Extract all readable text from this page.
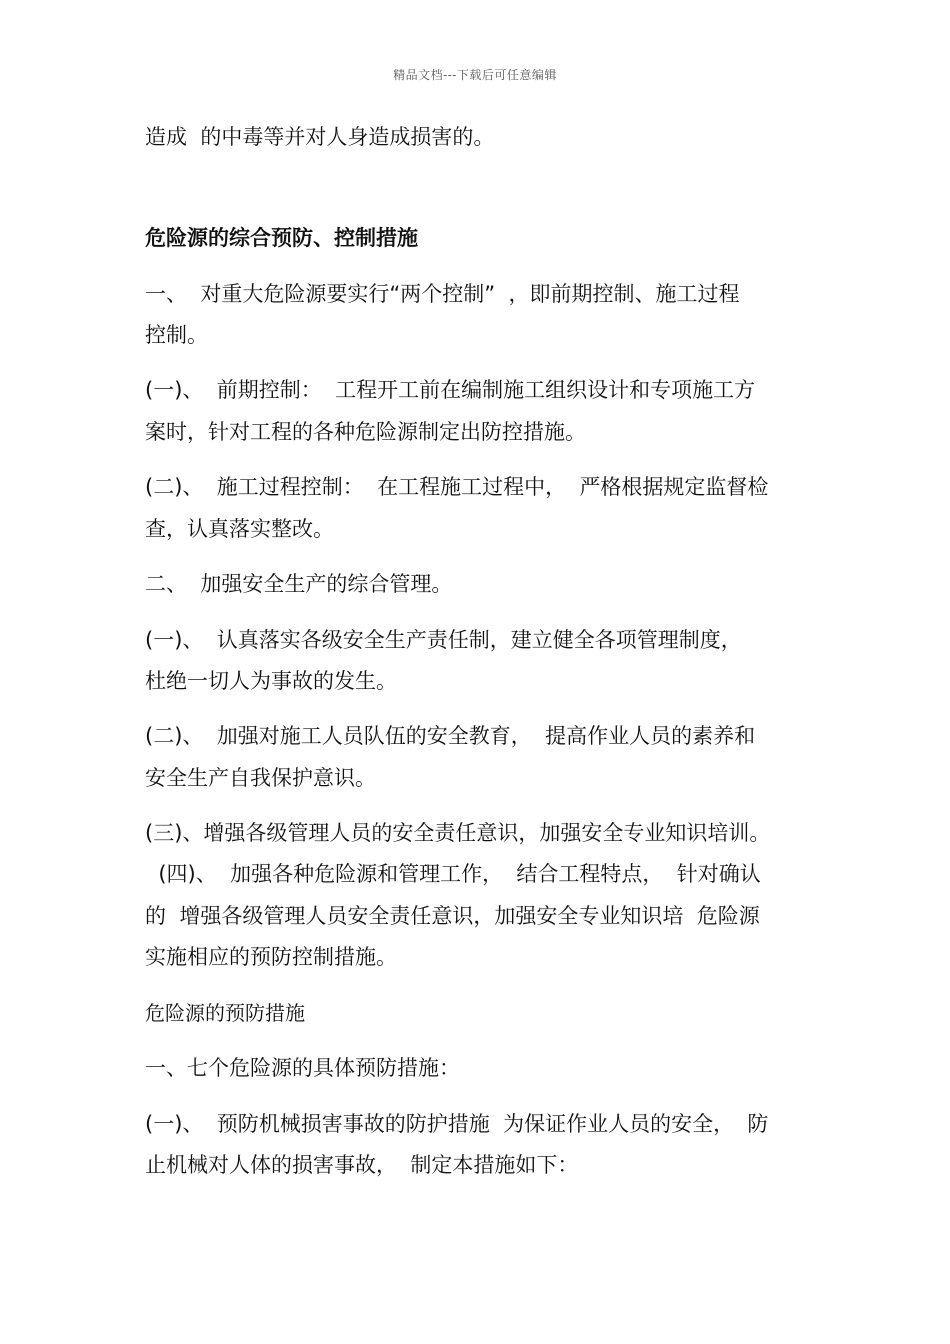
精品文档---下载后可任意编辑
造成  的中毒等并对人身造成损害的。
危险源的综合预防、控制措施
一、  对重大危险源要实行“两个控制”  ，即前期控制、施工过程
控制。
(一)、  前期控制：  工程开工前在编制施工组织设计和专项施工方
案时，针对工程的各种危险源制定出防控措施。
(二)、  施工过程控制：  在工程施工过程中，  严格根据规定监督检
查，认真落实整改。
二、  加强安全生产的综合管理。
(一)、  认真落实各级安全生产责任制，建立健全各项管理制度，
杜绝一切人为事故的发生。
(二)、  加强对施工人员队伍的安全教育，  提高作业人员的素养和
安全生产自我保护意识。
(三)、增强各级管理人员的安全责任意识，加强安全专业知识培训。
(四)、  加强各种危险源和管理工作，  结合工程特点，  针对确认
的  增强各级管理人员安全责任意识，加强安全专业知识培  危险源
实施相应的预防控制措施。
危险源的预防措施
一、七个危险源的具体预防措施：
(一)、  预防机械损害事故的防护措施  为保证作业人员的安全，  防
止机械对人体的损害事故，  制定本措施如下：
